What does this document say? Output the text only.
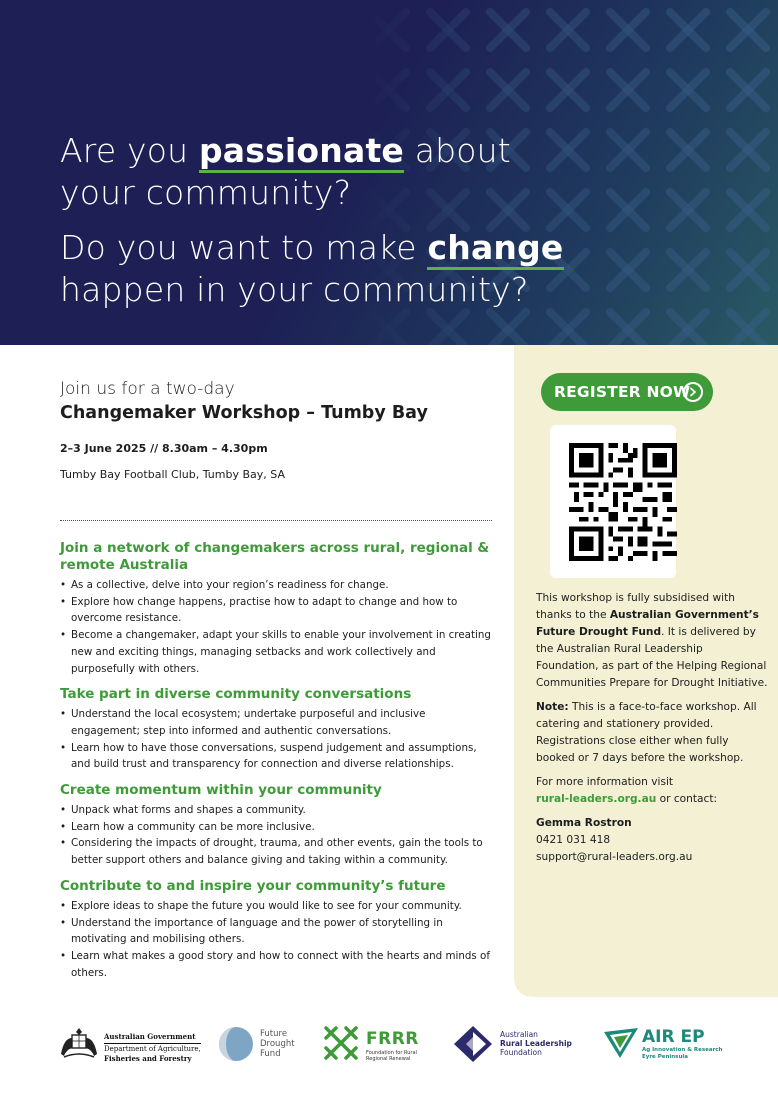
Are you passionate about
your community?
Do you want to make change
happen in your community?
Join us for a two-day
Changemaker Workshop – Tumby Bay
2–3 June 2025 // 8.30am – 4.30pm
Tumby Bay Football Club, Tumby Bay, SA
Join a network of changemakers across rural, regional & remote Australia
• As a collective, delve into your region’s readiness for change.
• Explore how change happens, practise how to adapt to change and how to overcome resistance.
• Become a changemaker, adapt your skills to enable your involvement in creating new and exciting things, managing setbacks and work collectively and purposefully with others.
Take part in diverse community conversations
• Understand the local ecosystem; undertake purposeful and inclusive engagement; step into informed and authentic conversations.
• Learn how to have those conversations, suspend judgement and assumptions, and build trust and transparency for connection and diverse relationships.
Create momentum within your community
• Unpack what forms and shapes a community.
• Learn how a community can be more inclusive.
• Considering the impacts of drought, trauma, and other events, gain the tools to better support others and balance giving and taking within a community.
Contribute to and inspire your community’s future
• Explore ideas to shape the future you would like to see for your community.
• Understand the importance of language and the power of storytelling in motivating and mobilising others.
• Learn what makes a good story and how to connect with the hearts and minds of others.
REGISTER NOW

This workshop is fully subsidised with thanks to the Australian Government’s Future Drought Fund. It is delivered by the Australian Rural Leadership Foundation, as part of the Helping Regional Communities Prepare for Drought Initiative.

Note: This is a face-to-face workshop. All catering and stationery provided. Registrations close either when fully booked or 7 days before the workshop.

For more information visit
rural-leaders.org.au or contact:

Gemma Rostron
0421 031 418
support@rural-leaders.org.au

Australian Government

Department of Agriculture,
Fisheries and Forestry
Future
Drought
Fund
FRRR
Foundation for Rural
Regional Renewal
Australian
Rural Leadership
Foundation
AIR EP
Ag Innovation & Research
Eyre Peninsula
